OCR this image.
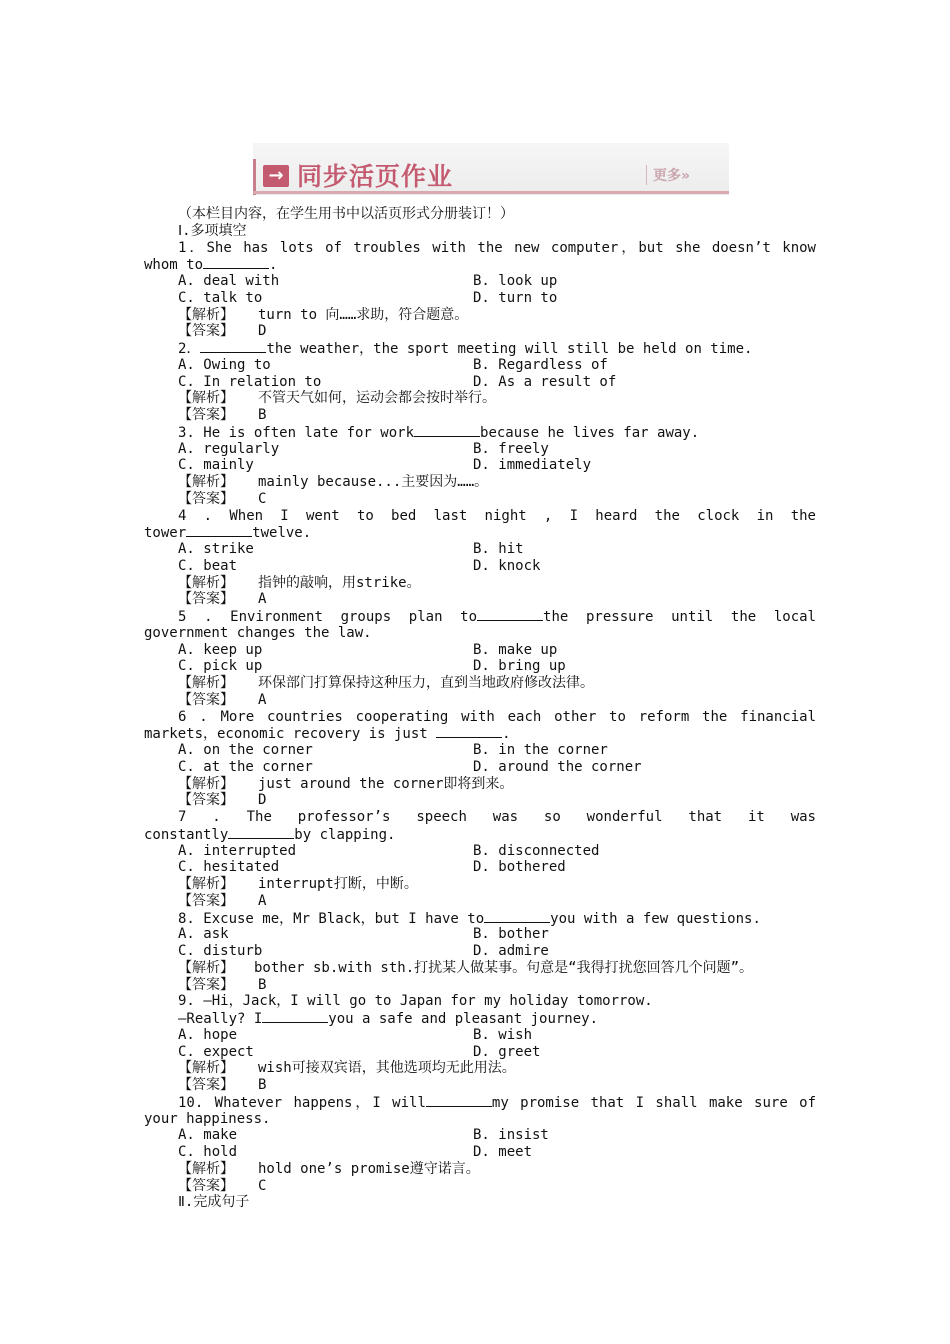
→ 同步活页作业	更多»
（本栏目内容，在学生用书中以活页形式分册装订！）
Ⅰ.多项填空
1．She has lots of troubles with the new computer，but she doesn’t know
whom to	.
A. deal with	B. look up
C. talk to	D. turn to
【解析】 turn to 向……求助，符合题意。
【答案】 D
2．	the weather，the sport meeting will still be held on time.
A. Owing to	B. Regardless of
C. In relation to	D. As a result of
【解析】 不管天气如何，运动会都会按时举行。
【答案】 B
3. He is often late for work	because he lives far away.
A. regularly	B. freely
C. mainly	D. immediately
【解析】 mainly because...主要因为……。
【答案】 C
4 . When I went to bed last night , I heard the clock in the
tower	twelve.
A. strike	B. hit
C. beat	D. knock
【解析】 指钟的敲响，用strike。
【答案】 A
5 . Environment groups plan to	the pressure until the local
government changes the law.
A. keep up	B. make up
C. pick up	D. bring up
【解析】 环保部门打算保持这种压力，直到当地政府修改法律。
【答案】 A
6 . More countries cooperating with each other to reform the financial
markets，economic recovery is just	.
A. on the corner	B. in the corner
C. at the corner	D. around the corner
【解析】 just around the corner即将到来。
【答案】 D
7 . The professor’s speech was so wonderful that it was
constantly	by clapping.
A. interrupted	B. disconnected
C. hesitated	D. bothered
【解析】 interrupt打断，中断。
【答案】 A
8. Excuse me，Mr Black，but I have to	you with a few questions.
A. ask	B. bother
C. disturb	D. admire
【解析】 bother sb.with sth.打扰某人做某事。句意是“我得打扰您回答几个问题”。
【答案】 B
9. —Hi，Jack，I will go to Japan for my holiday tomorrow.
—Really? I	you a safe and pleasant journey.
A. hope	B. wish
C. expect	D. greet
【解析】 wish可接双宾语，其他选项均无此用法。
【答案】 B
10. Whatever happens，I will	my promise that I shall make sure of
your happiness.
A. make	B. insist
C. hold	D. meet
【解析】 hold one’s promise遵守诺言。
【答案】 C
Ⅱ.完成句子
